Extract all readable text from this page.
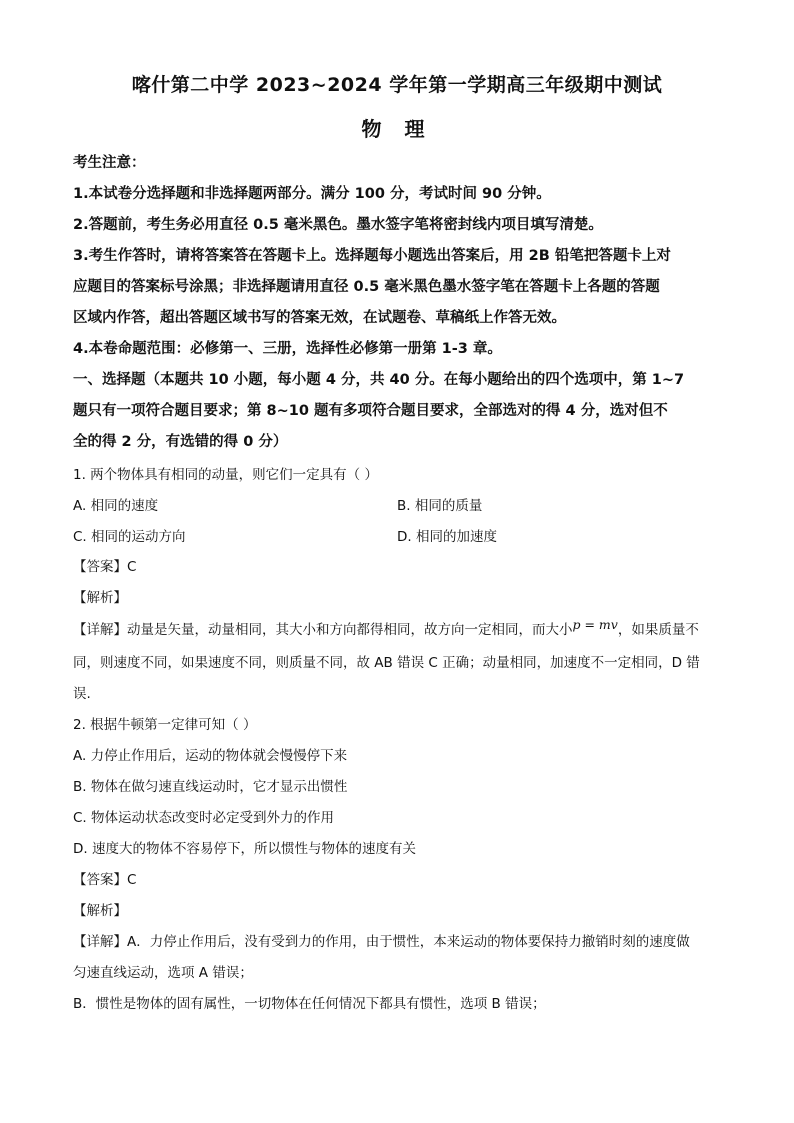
喀什第二中学 2023~2024 学年第一学期高三年级期中测试
物 理
考生注意：
1.本试卷分选择题和非选择题两部分。满分 100 分，考试时间 90 分钟。
2.答题前，考生务必用直径 0.5 毫米黑色。墨水签字笔将密封线内项目填写清楚。
3.考生作答时，请将答案答在答题卡上。选择题每小题选出答案后，用 2B 铅笔把答题卡上对
应题目的答案标号涂黑；非选择题请用直径 0.5 毫米黑色墨水签字笔在答题卡上各题的答题
区域内作答，超出答题区域书写的答案无效，在试题卷、草稿纸上作答无效。
4.本卷命题范围：必修第一、三册，选择性必修第一册第 1-3 章。
一、选择题（本题共 10 小题，每小题 4 分，共 40 分。在每小题给出的四个选项中，第 1~7
题只有一项符合题目要求；第 8~10 题有多项符合题目要求，全部选对的得 4 分，选对但不
全的得 2 分，有选错的得 0 分）
1. 两个物体具有相同的动量，则它们一定具有（ ）
A. 相同的速度	B. 相同的质量
C. 相同的运动方向	D. 相同的加速度
【答案】C
【解析】
【详解】动量是矢量，动量相同，其大小和方向都得相同，故方向一定相同，而大小p = mv，如果质量不
同，则速度不同，如果速度不同，则质量不同，故 AB 错误 C 正确；动量相同，加速度不一定相同，D 错
误.
2. 根据牛顿第一定律可知（ ）
A. 力停止作用后，运动的物体就会慢慢停下来
B. 物体在做匀速直线运动时，它才显示出惯性
C. 物体运动状态改变时必定受到外力的作用
D. 速度大的物体不容易停下，所以惯性与物体的速度有关
【答案】C
【解析】
【详解】A．力停止作用后，没有受到力的作用，由于惯性，本来运动的物体要保持力撤销时刻的速度做
匀速直线运动，选项 A 错误；
B．惯性是物体的固有属性，一切物体在任何情况下都具有惯性，选项 B 错误；
